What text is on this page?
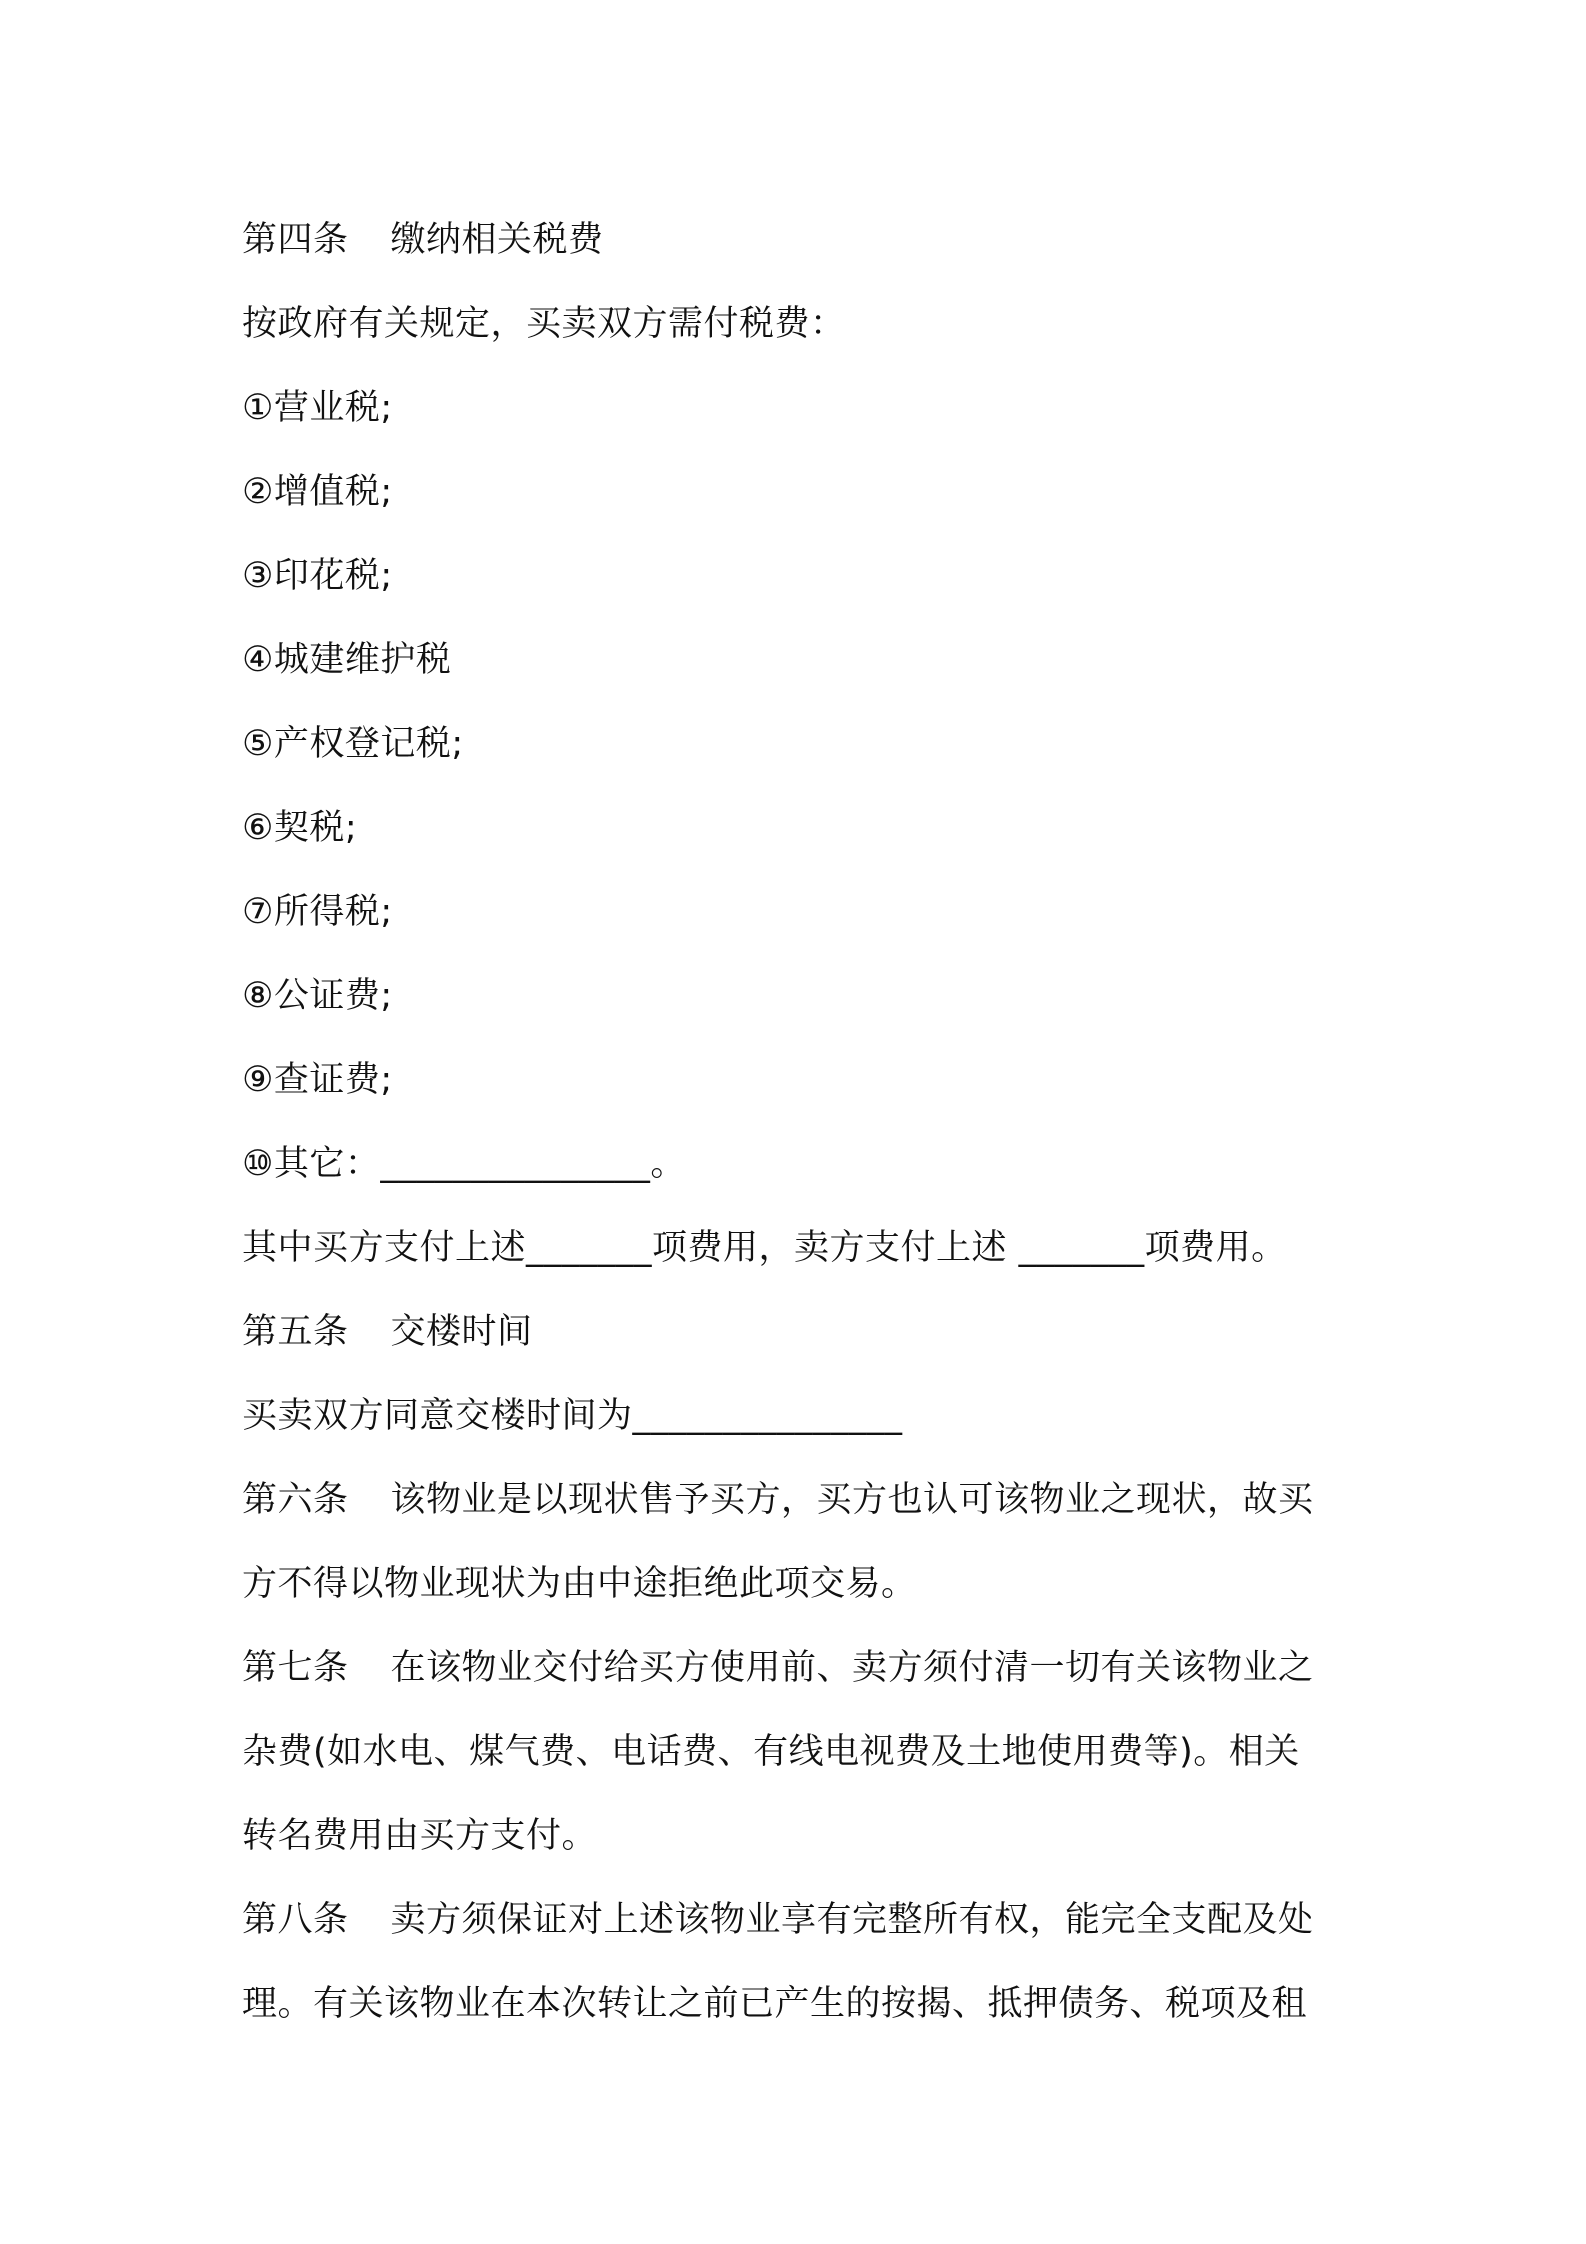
第四条 缴纳相关税费
按政府有关规定，买卖双方需付税费：
①营业税;
②增值税;
③印花税;
④城建维护税
⑤产权登记税;
⑥契税;
⑦所得税;
⑧公证费;
⑨查证费;
⑩其它：_______________。
其中买方支付上述_______项费用，卖方支付上述 _______项费用。
第五条 交楼时间
买卖双方同意交楼时间为_______________
第六条 该物业是以现状售予买方，买方也认可该物业之现状，故买
方不得以物业现状为由中途拒绝此项交易。
第七条 在该物业交付给买方使用前、卖方须付清一切有关该物业之
杂费(如水电、煤气费、电话费、有线电视费及土地使用费等)。相关
转名费用由买方支付。
第八条 卖方须保证对上述该物业享有完整所有权，能完全支配及处
理。有关该物业在本次转让之前已产生的按揭、抵押债务、税项及租
